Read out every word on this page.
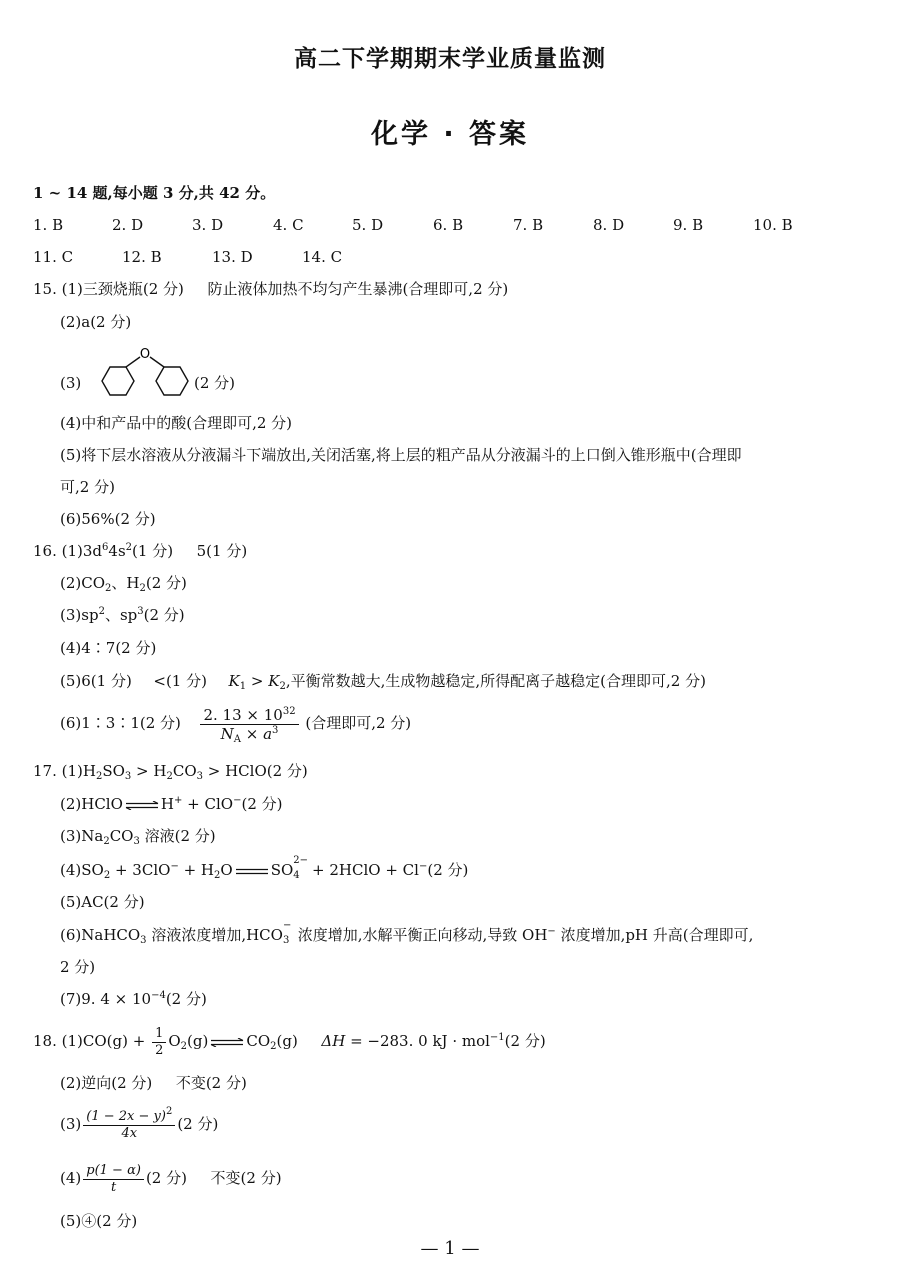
高二下学期期末学业质量监测
化学 · 答案
1 ~ 14 题,每小题 3 分,共 42 分。
1. B	2. D	3. D	4. C	5. D	6. B	7. B	8. D	9. B	10. B
11. C	12. B	13. D	14. C
15. (1)三颈烧瓶(2 分) 防止液体加热不均匀产生暴沸(合理即可,2 分)
(2)a(2 分)
(3)
O
(2 分)
(4)中和产品中的酸(合理即可,2 分)
(5)将下层水溶液从分液漏斗下端放出,关闭活塞,将上层的粗产品从分液漏斗的上口倒入锥形瓶中(合理即
可,2 分)
(6)56%(2 分)
16. $(1)3d^64s^2(1$ 分) 5(1 分)
$(2)CO_2$、$H_2(2$ 分)
$(3)sp^2$、$sp^3(2$ 分)
(4)4∶7(2 分)
(5)6(1 分) <(1 分) $K_1 > K_2$,平衡常数越大,生成物越稳定,所得配离子越稳定(合理即可,2 分)
(6)1∶3∶1(2 分) $\frac{2. 13 \times 10^{32}}{N_A \times a^3}$ (合理即可,2 分)
17. $(1)H_2SO_3 > H_2CO_3$ > HClO(2 分)
(2)HClO ⇌ H+ + ClO−(2 分)
$(3)Na_2CO_3$ 溶液(2 分)
$(4)SO_2 + 3ClO^- + H_2O$	SO
2−
4 + 2HClO + Cl−(2 分)
(5)AC(2 分)
(6)NaHCO$_3$ 溶液浓度增加,HCO
−
3 浓度增加,水解平衡正向移动,导致 OH− 浓度增加,pH 升高(合理即可,
2 分)
(7)9. $4 \times 10^{-4}(2$ 分)
18. $(1)CO(g) + \frac{1}{2} O_2(g)$ ⇌ $CO_2(g) \Delta H = -283$. 0 kJ · mol$^{-1}$(2 分)
(2)逆向(2 分) 不变(2 分)
$(3) \frac{(1 - 2x - y)^2}{4x} (2$ 分)
$(4) \frac{p(1 - \alpha)}{t} (2$ 分) 不变(2 分)
(5)④(2 分)
— 1 —
